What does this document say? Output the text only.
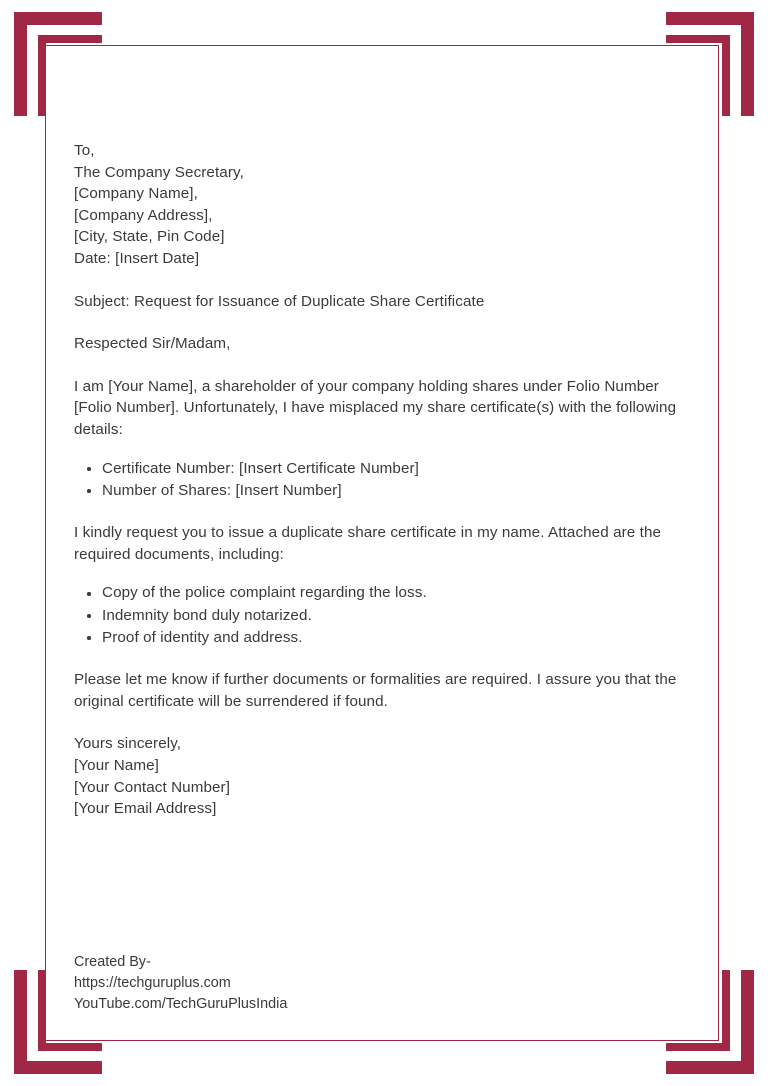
To,
The Company Secretary,
[Company Name],
[Company Address],
[City, State, Pin Code]
Date: [Insert Date]
Subject: Request for Issuance of Duplicate Share Certificate
Respected Sir/Madam,
I am [Your Name], a shareholder of your company holding shares under Folio Number [Folio Number]. Unfortunately, I have misplaced my share certificate(s) with the following details:
Certificate Number: [Insert Certificate Number]
Number of Shares: [Insert Number]
I kindly request you to issue a duplicate share certificate in my name. Attached are the required documents, including:
Copy of the police complaint regarding the loss.
Indemnity bond duly notarized.
Proof of identity and address.
Please let me know if further documents or formalities are required. I assure you that the original certificate will be surrendered if found.
Yours sincerely,
[Your Name]
[Your Contact Number]
[Your Email Address]
Created By-
https://techguruplus.com
YouTube.com/TechGuruPlusIndia
